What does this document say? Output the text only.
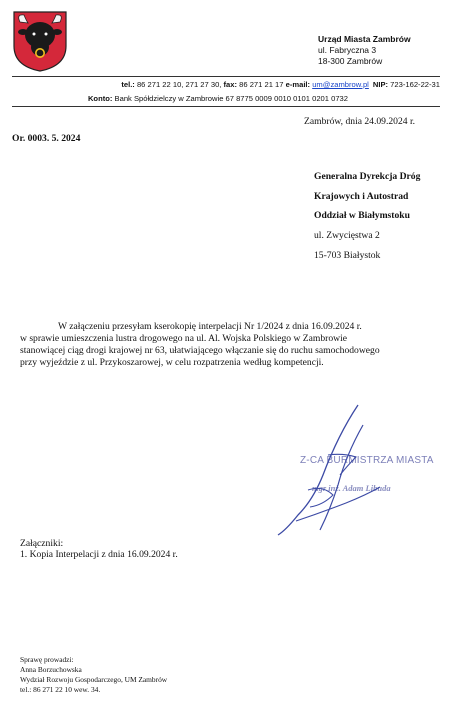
Urząd Miasta Zambrów
ul. Fabryczna 3
18-300 Zambrów
tel.: 86 271 22 10, 271 27 30, fax: 86 271 21 17 e-mail: um@zambrow.pl NIP: 723-162-22-31
Konto: Bank Spółdzielczy w Zambrowie 67 8775 0009 0010 0101 0201 0732
Zambrów, dnia 24.09.2024 r.
Or. 0003. 5. 2024
Generalna Dyrekcja Dróg
Krajowych i Autostrad
Oddział w Białymstoku
ul. Zwycięstwa 2
15-703 Białystok
W załączeniu przesyłam kserokopię interpelacji Nr 1/2024 z dnia 16.09.2024 r.
w sprawie umieszczenia lustra drogowego na ul. Al. Wojska Polskiego w Zambrowie
stanowiącej ciąg drogi krajowej nr 63, ułatwiającego włączanie się do ruchu samochodowego
przy wyjeździe z ul. Przykoszarowej, w celu rozpatrzenia według kompetencji.
Z-CA BURMISTRZA MIASTA
mgr inż. Adam Libuda
Załączniki:
1. Kopia Interpelacji z dnia 16.09.2024 r.
Sprawę prowadzi:
Anna Borzuchowska
Wydział Rozwoju Gospodarczego, UM Zambrów
tel.: 86 271 22 10 wew. 34.
